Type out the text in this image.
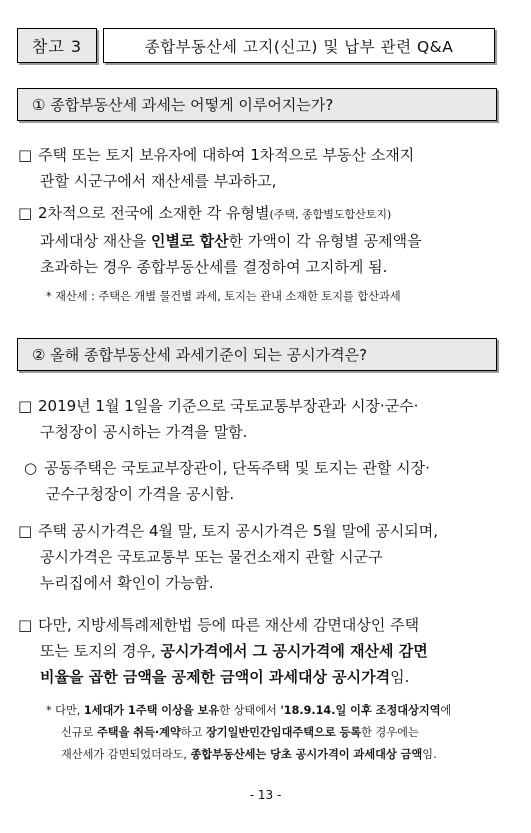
참고 3	종합부동산세 고지(신고) 및 납부 관련 Q&A
① 종합부동산세 과세는 어떻게 이루어지는가?
□ 주택 또는 토지 보유자에 대하여 1차적으로 부동산 소재지
관할 시군구에서 재산세를 부과하고,
□ 2차적으로 전국에 소재한 각 유형별(주택, 종합별도합산토지)
과세대상 재산을 인별로 합산한 가액이 각 유형별 공제액을
초과하는 경우 종합부동산세를 결정하여 고지하게 됨.
* 재산세 : 주택은 개별 물건별 과세, 토지는 관내 소재한 토지를 합산과세
② 올해 종합부동산세 과세기준이 되는 공시가격은?
□ 2019년 1월 1일을 기준으로 국토교통부장관과 시장·군수·
구청장이 공시하는 가격을 말함.
○ 공동주택은 국토교부장관이, 단독주택 및 토지는 관할 시장·
군수구청장이 가격을 공시함.
□ 주택 공시가격은 4월 말, 토지 공시가격은 5월 말에 공시되며,
공시가격은 국토교통부 또는 물건소재지 관할 시군구
누리집에서 확인이 가능함.
□ 다만, 지방세특례제한법 등에 따른 재산세 감면대상인 주택
또는 토지의 경우, 공시가격에서 그 공시가격에 재산세 감면
비율을 곱한 금액을 공제한 금액이 과세대상 공시가격임.
* 다만, 1세대가 1주택 이상을 보유한 상태에서 '18.9.14.일 이후 조정대상지역에
신규로 주택을 취득·계약하고 장기일반민간임대주택으로 등록한 경우에는
재산세가 감면되었더라도, 종합부동산세는 당초 공시가격이 과세대상 금액임.
- 13 -
